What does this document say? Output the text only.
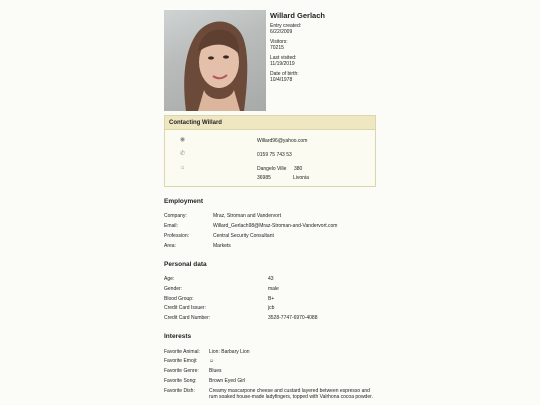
Willard Gerlach
Entry created:
6/22/2009
Visitors:
70215
Last visited:
11/19/2019
Date of birth:
10/4/1978
Contacting Willard
◉	Willard96@yahoo.com
✆	0159 75 743 53
⌂	Dangelo Ville 380
36985	Livonia
Employment
Company:	Mraz, Stroman and Vandervort
Email:	Willard_Gerlach98@Mraz-Stroman-and-Vandervort.com
Profession:	Central Security Consultant
Area:	Markets
Personal data
Age:	43
Gender:	male
Blood Group:	B+
Credit Card Issuer:	jcb
Credit Card Number:	3528-7747-6970-4088
Interests
Favorite Animal: Lion: Barbary Lion
Favorite Emoji: ☺
Favorite Genre: Blues
Favorite Song: Brown Eyed Girl
Favorite Dish:	Creamy mascarpone cheese and custard layered between espresso and rum soaked house-made ladyfingers, topped with Valrhona cocoa powder.
